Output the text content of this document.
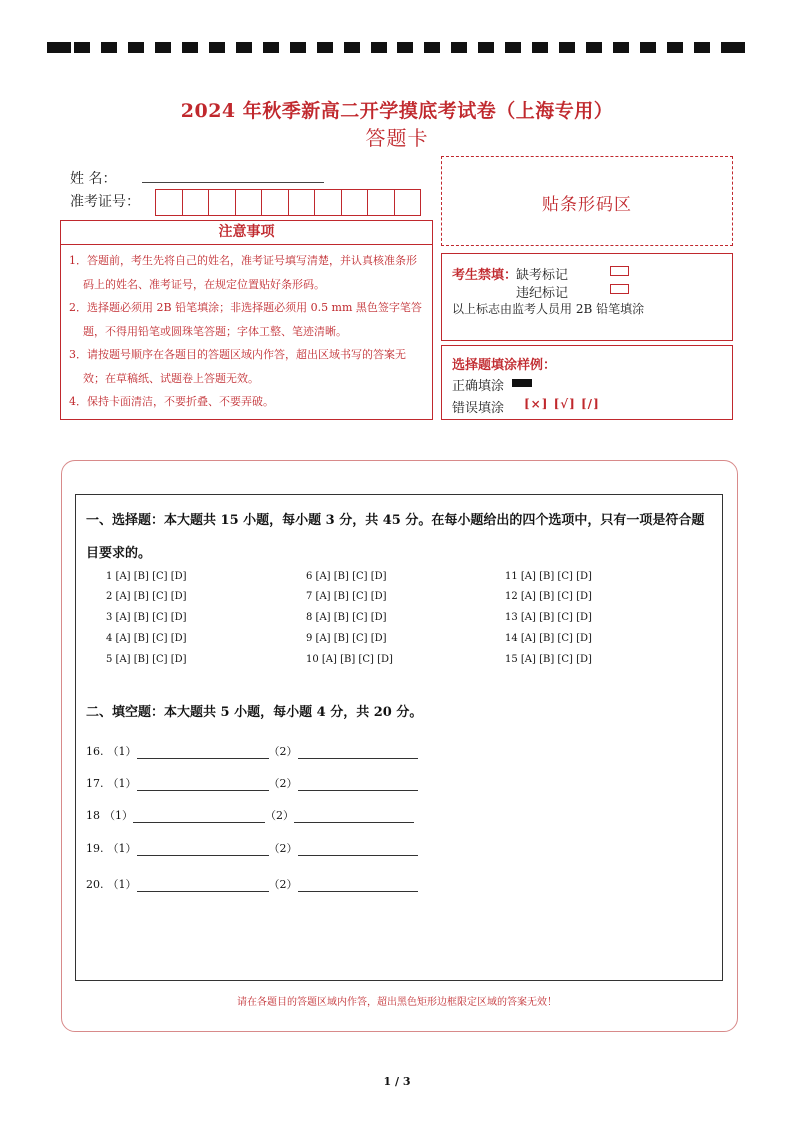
2024 年秋季新高二开学摸底考试卷（上海专用）
答题卡
姓 名：
准考证号：	贴条形码区
注意事项
1．答题前，考生先将自己的姓名，准考证号填写清楚，并认真核准条形码上的姓名、准考证号，在规定位置贴好条形码。
2．选择题必须用 2B 铅笔填涂；非选择题必须用 0.5 mm 黑色签字笔答题，不得用铅笔或圆珠笔答题；字体工整、笔迹清晰。
3．请按题号顺序在各题目的答题区域内作答，超出区域书写的答案无效；在草稿纸、试题卷上答题无效。
4．保持卡面清洁，不要折叠、不要弄破。
考生禁填：
缺考标记
违纪标记
以上标志由监考人员用 2B 铅笔填涂
选择题填涂样例：
正确填涂
错误填涂 [×] [√] [/]
一、选择题：本大题共 15 小题，每小题 3 分，共 45 分。在每小题给出的四个选项中，只有一项是符合题目要求的。
1 [A] [B] [C] [D]
2 [A] [B] [C] [D]
3 [A] [B] [C] [D]
4 [A] [B] [C] [D]
5 [A] [B] [C] [D]
6 [A] [B] [C] [D]
7 [A] [B] [C] [D]
8 [A] [B] [C] [D]
9 [A] [B] [C] [D]
10 [A] [B] [C] [D]
11 [A] [B] [C] [D]
12 [A] [B] [C] [D]
13 [A] [B] [C] [D]
14 [A] [B] [C] [D]
15 [A] [B] [C] [D]
二、填空题：本大题共 5 小题，每小题 4 分，共 20 分。
16. （1）	（2）
17. （1）	（2）
18 （1）	（2）
19. （1）	（2）
20. （1）	（2）
请在各题目的答题区域内作答，超出黑色矩形边框限定区域的答案无效！
1 / 3
